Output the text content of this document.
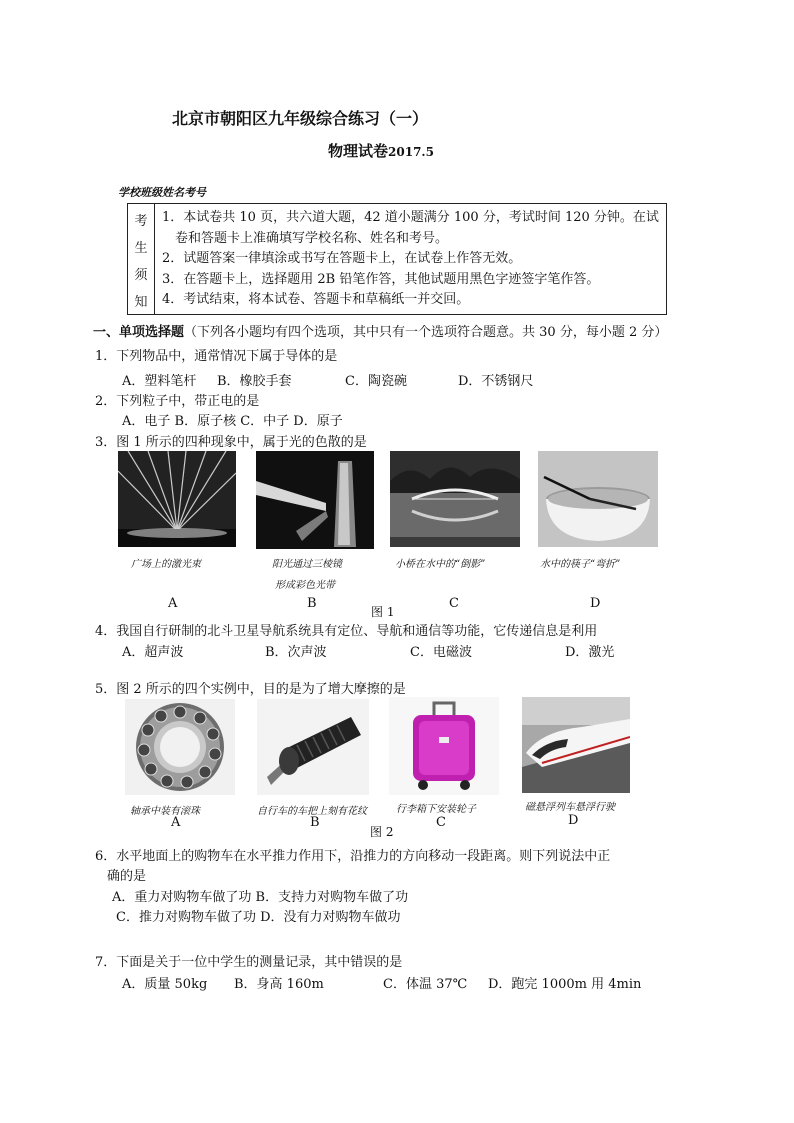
北京市朝阳区九年级综合练习（一）
物理试卷2017.5
学校班级姓名考号
考
生
须
知
1．本试卷共 10 页，共六道大题，42 道小题满分 100 分，考试时间 120 分钟。在试卷和答题卡上准确填写学校名称、姓名和考号。
2．试题答案一律填涂或书写在答题卡上，在试卷上作答无效。
3．在答题卡上，选择题用 2B 铅笔作答，其他试题用黑色字迹签字笔作答。
4．考试结束，将本试卷、答题卡和草稿纸一并交回。
一、单项选择题（下列各小题均有四个选项，其中只有一个选项符合题意。共 30 分，每小题 2 分）
1．下列物品中，通常情况下属于导体的是
A．塑料笔杆 B．橡胶手套	C．陶瓷碗	D．不锈钢尺
2．下列粒子中，带正电的是
A．电子 B．原子核 C．中子 D．原子
3．图 1 所示的四种现象中，属于光的色散的是
广场上的激光束	阳光通过三棱镜
形成彩色光带
小桥在水中的“倒影”	水中的筷子“弯折”
A	B	C	D
图 1
4．我国自行研制的北斗卫星导航系统具有定位、导航和通信等功能，它传递信息是利用
A．超声波	B．次声波	C．电磁波	D．激光
5．图 2 所示的四个实例中，目的是为了增大摩擦的是
轴承中装有滚珠	自行车的车把上刻有花纹	行李箱下安装轮子	磁悬浮列车悬浮行驶
A	B	C	D
图 2
6．水平地面上的购物车在水平推力作用下，沿推力的方向移动一段距离。则下列说法中正
确的是
A．重力对购物车做了功 B．支持力对购物车做了功
C．推力对购物车做了功 D．没有力对购物车做功
7．下面是关于一位中学生的测量记录，其中错误的是
A．质量 50kg B．身高 160m	C．体温 37℃ D．跑完 1000m 用 4min
